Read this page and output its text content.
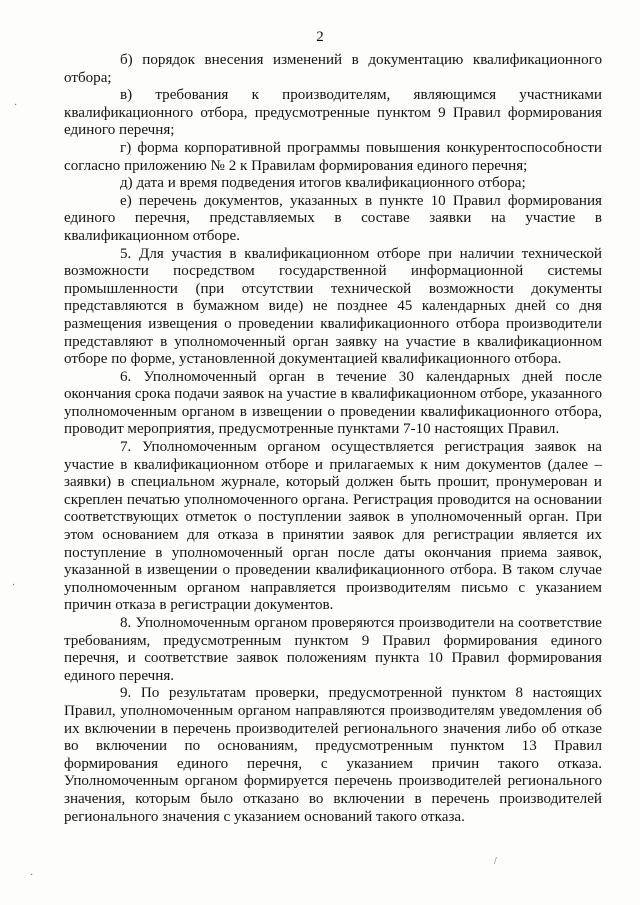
2

б) порядок внесения изменений в документацию квалификационного отбора;

в) требования к производителям, являющимся участниками квалификационного отбора, предусмотренные пунктом 9 Правил формирования единого перечня;

г) форма корпоративной программы повышения конкурентоспособности согласно приложению № 2 к Правилам формирования единого перечня;

д) дата и время подведения итогов квалификационного отбора;

е) перечень документов, указанных в пункте 10 Правил формирования единого перечня, представляемых в составе заявки на участие в квалификационном отборе.

5. Для участия в квалификационном отборе при наличии технической возможности посредством государственной информационной системы промышленности (при отсутствии технической возможности документы представляются в бумажном виде) не позднее 45 календарных дней со дня размещения извещения о проведении квалификационного отбора производители представляют в уполномоченный орган заявку на участие в квалификационном отборе по форме, установленной документацией квалификационного отбора.

6. Уполномоченный орган в течение 30 календарных дней после окончания срока подачи заявок на участие в квалификационном отборе, указанного уполномоченным органом в извещении о проведении квалификационного отбора, проводит мероприятия, предусмотренные пунктами 7-10 настоящих Правил.

7. Уполномоченным органом осуществляется регистрация заявок на участие в квалификационном отборе и прилагаемых к ним документов (далее – заявки) в специальном журнале, который должен быть прошит, пронумерован и скреплен печатью уполномоченного органа. Регистрация проводится на основании соответствующих отметок о поступлении заявок в уполномоченный орган. При этом основанием для отказа в принятии заявок для регистрации является их поступление в уполномоченный орган после даты окончания приема заявок, указанной в извещении о проведении квалификационного отбора. В таком случае уполномоченным органом направляется производителям письмо с указанием причин отказа в регистрации документов.

8. Уполномоченным органом проверяются производители на соответствие требованиям, предусмотренным пунктом 9 Правил формирования единого перечня, и соответствие заявок положениям пункта 10 Правил формирования единого перечня.

9. По результатам проверки, предусмотренной пунктом 8 настоящих Правил, уполномоченным органом направляются производителям уведомления об их включении в перечень производителей регионального значения либо об отказе во включении по основаниям, предусмотренным пунктом 13 Правил формирования единого перечня, с указанием причин такого отказа. Уполномоченным органом формируется перечень производителей регионального значения, которым было отказано во включении в перечень производителей регионального значения с указанием оснований такого отказа.

·
·
·
/
